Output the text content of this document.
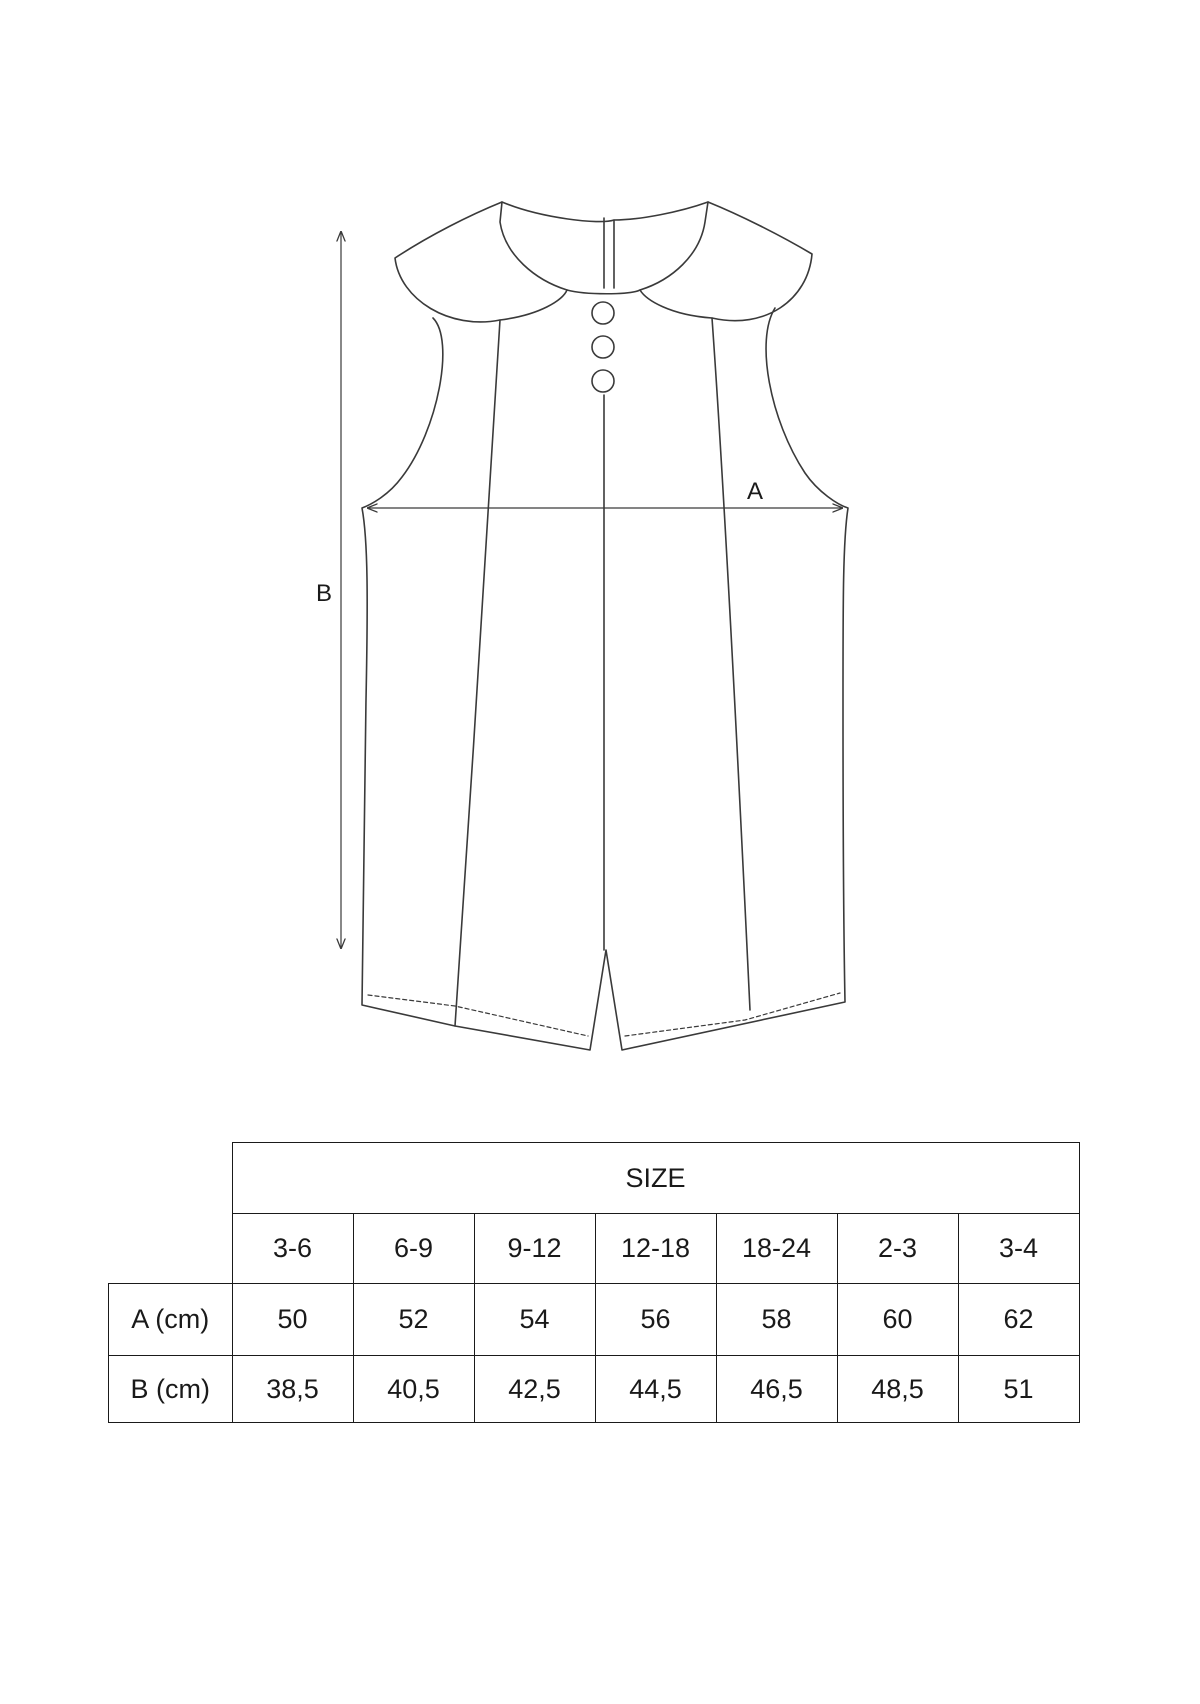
A
B
	SIZE						
	3-6	6-9	9-12	12-18	18-24	2-3	3-4
A (cm)	50	52	54	56	58	60	62
B (cm)	38,5	40,5	42,5	44,5	46,5	48,5	51
